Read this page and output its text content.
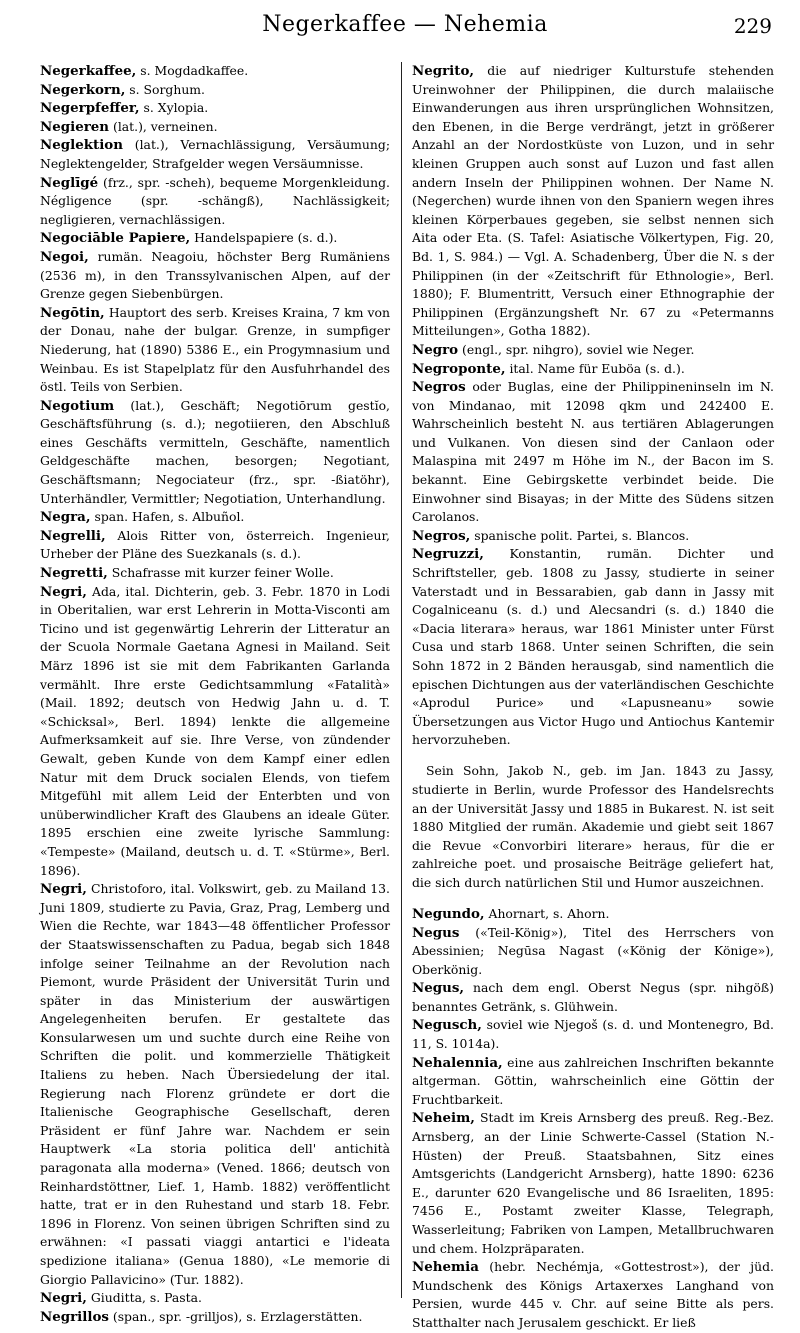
Negerkaffee — Nehemia	229

Negerkaffee, s. Mogdadkaffee.

Negerkorn, s. Sorghum.

Negerpfeffer, s. Xylopia.

Negieren (lat.), verneinen.

Neglektion (lat.), Vernachlässigung, Versäumung; Neglektengelder, Strafgelder wegen Versäumnisse.

Neglīgé (frz., spr. -scheh), bequeme Morgenkleidung. Négligence (spr. -schängß), Nachlässigkeit; negligieren, vernachlässigen.

Negociāble Papiere, Handelspapiere (s. d.).

Negoi, rumän. Neagoiu, höchster Berg Rumäniens (2536 m), in den Transsylvanischen Alpen, auf der Grenze gegen Siebenbürgen.

Negōtin, Hauptort des serb. Kreises Kraina, 7 km von der Donau, nahe der bulgar. Grenze, in sumpfiger Niederung, hat (1890) 5386 E., ein Progymnasium und Weinbau. Es ist Stapelplatz für den Ausfuhrhandel des östl. Teils von Serbien.

Negotium (lat.), Geschäft; Negotiōrum gestĭo, Geschäftsführung (s. d.); negotiieren, den Abschluß eines Geschäfts vermitteln, Geschäfte, namentlich Geldgeschäfte machen, besorgen; Negotiant, Geschäftsmann; Negociateur (frz., spr. -ßiatöhr), Unterhändler, Vermittler; Negotiation, Unterhandlung.

Negra, span. Hafen, s. Albuñol.

Negrelli, Alois Ritter von, österreich. Ingenieur, Urheber der Pläne des Suezkanals (s. d.).

Negretti, Schafrasse mit kurzer feiner Wolle.

Negri, Ada, ital. Dichterin, geb. 3. Febr. 1870 in Lodi in Oberitalien, war erst Lehrerin in Motta-Visconti am Ticino und ist gegenwärtig Lehrerin der Litteratur an der Scuola Normale Gaetana Agnesi in Mailand. Seit März 1896 ist sie mit dem Fabrikanten Garlanda vermählt. Ihre erste Gedichtsammlung «Fatalità» (Mail. 1892; deutsch von Hedwig Jahn u. d. T. «Schicksal», Berl. 1894) lenkte die allgemeine Aufmerksamkeit auf sie. Ihre Verse, von zündender Gewalt, geben Kunde von dem Kampf einer edlen Natur mit dem Druck socialen Elends, von tiefem Mitgefühl mit allem Leid der Enterbten und von unüberwindlicher Kraft des Glaubens an ideale Güter. 1895 erschien eine zweite lyrische Sammlung: «Tempeste» (Mailand, deutsch u. d. T. «Stürme», Berl. 1896).

Negri, Christoforo, ital. Volkswirt, geb. zu Mailand 13. Juni 1809, studierte zu Pavia, Graz, Prag, Lemberg und Wien die Rechte, war 1843—48 öffentlicher Professor der Staatswissenschaften zu Padua, begab sich 1848 infolge seiner Teilnahme an der Revolution nach Piemont, wurde Präsident der Universität Turin und später in das Ministerium der auswärtigen Angelegenheiten berufen. Er gestaltete das Konsularwesen um und suchte durch eine Reihe von Schriften die polit. und kommerzielle Thätigkeit Italiens zu heben. Nach Übersiedelung der ital. Regierung nach Florenz gründete er dort die Italienische Geographische Gesellschaft, deren Präsident er fünf Jahre war. Nachdem er sein Hauptwerk «La storia politica dell' antichità paragonata alla moderna» (Vened. 1866; deutsch von Reinhardstöttner, Lief. 1, Hamb. 1882) veröffentlicht hatte, trat er in den Ruhestand und starb 18. Febr. 1896 in Florenz. Von seinen übrigen Schriften sind zu erwähnen: «I passati viaggi antartici e l'ideata spedizione italiana» (Genua 1880), «Le memorie di Giorgio Pallavicino» (Tur. 1882).

Negri, Giuditta, s. Pasta.

Negrillos (span., spr. -grilljos), s. Erzlagerstätten.

Negrito, die auf niedriger Kulturstufe stehenden Ureinwohner der Philippinen, die durch malaiische Einwanderungen aus ihren ursprünglichen Wohnsitzen, den Ebenen, in die Berge verdrängt, jetzt in größerer Anzahl an der Nordostküste von Luzon, und in sehr kleinen Gruppen auch sonst auf Luzon und fast allen andern Inseln der Philippinen wohnen. Der Name N. (Negerchen) wurde ihnen von den Spaniern wegen ihres kleinen Körperbaues gegeben, sie selbst nennen sich Aita oder Eta. (S. Tafel: Asiatische Völkertypen, Fig. 20, Bd. 1, S. 984.) — Vgl. A. Schadenberg, Über die N. s der Philippinen (in der «Zeitschrift für Ethnologie», Berl. 1880); F. Blumentritt, Versuch einer Ethnographie der Philippinen (Ergänzungsheft Nr. 67 zu «Petermanns Mitteilungen», Gotha 1882).

Negro (engl., spr. nihgro), soviel wie Neger.

Negroponte, ital. Name für Euböa (s. d.).

Negros oder Buglas, eine der Philippineninseln im N. von Mindanao, mit 12098 qkm und 242400 E. Wahrscheinlich besteht N. aus tertiären Ablagerungen und Vulkanen. Von diesen sind der Canlaon oder Malaspina mit 2497 m Höhe im N., der Bacon im S. bekannt. Eine Gebirgskette verbindet beide. Die Einwohner sind Bisayas; in der Mitte des Südens sitzen Carolanos.

Negros, spanische polit. Partei, s. Blancos.

Negruzzi, Konstantin, rumän. Dichter und Schriftsteller, geb. 1808 zu Jassy, studierte in seiner Vaterstadt und in Bessarabien, gab dann in Jassy mit Cogalniceanu (s. d.) und Alecsandri (s. d.) 1840 die «Dacia literara» heraus, war 1861 Minister unter Fürst Cusa und starb 1868. Unter seinen Schriften, die sein Sohn 1872 in 2 Bänden herausgab, sind namentlich die epischen Dichtungen aus der vaterländischen Geschichte «Aprodul Purice» und «Lapusneanu» sowie Übersetzungen aus Victor Hugo und Antiochus Kantemir hervorzuheben.

Sein Sohn, Jakob N., geb. im Jan. 1843 zu Jassy, studierte in Berlin, wurde Professor des Handelsrechts an der Universität Jassy und 1885 in Bukarest. N. ist seit 1880 Mitglied der rumän. Akademie und giebt seit 1867 die Revue «Convorbiri literare» heraus, für die er zahlreiche poet. und prosaische Beiträge geliefert hat, die sich durch natürlichen Stil und Humor auszeichnen.

Negundo, Ahornart, s. Ahorn.

Negus («Teil-König»), Titel des Herrschers von Abessinien; Negūsa Nagast («König der Könige»), Oberkönig.

Negus, nach dem engl. Oberst Negus (spr. nihgöß) benanntes Getränk, s. Glühwein.

Negusch, soviel wie Njegoš (s. d. und Montenegro, Bd. 11, S. 1014a).

Nehalennia, eine aus zahlreichen Inschriften bekannte altgerman. Göttin, wahrscheinlich eine Göttin der Fruchtbarkeit.

Neheim, Stadt im Kreis Arnsberg des preuß. Reg.-Bez. Arnsberg, an der Linie Schwerte-Cassel (Station N.-Hüsten) der Preuß. Staatsbahnen, Sitz eines Amtsgerichts (Landgericht Arnsberg), hatte 1890: 6236 E., darunter 620 Evangelische und 86 Israeliten, 1895: 7456 E., Postamt zweiter Klasse, Telegraph, Wasserleitung; Fabriken von Lampen, Metallbruchwaren und chem. Holzpräparaten.

Nehemia (hebr. Nechémja, «Gottestrost»), der jüd. Mundschenk des Königs Artaxerxes Langhand von Persien, wurde 445 v. Chr. auf seine Bitte als pers. Statthalter nach Jerusalem geschickt. Er ließ
